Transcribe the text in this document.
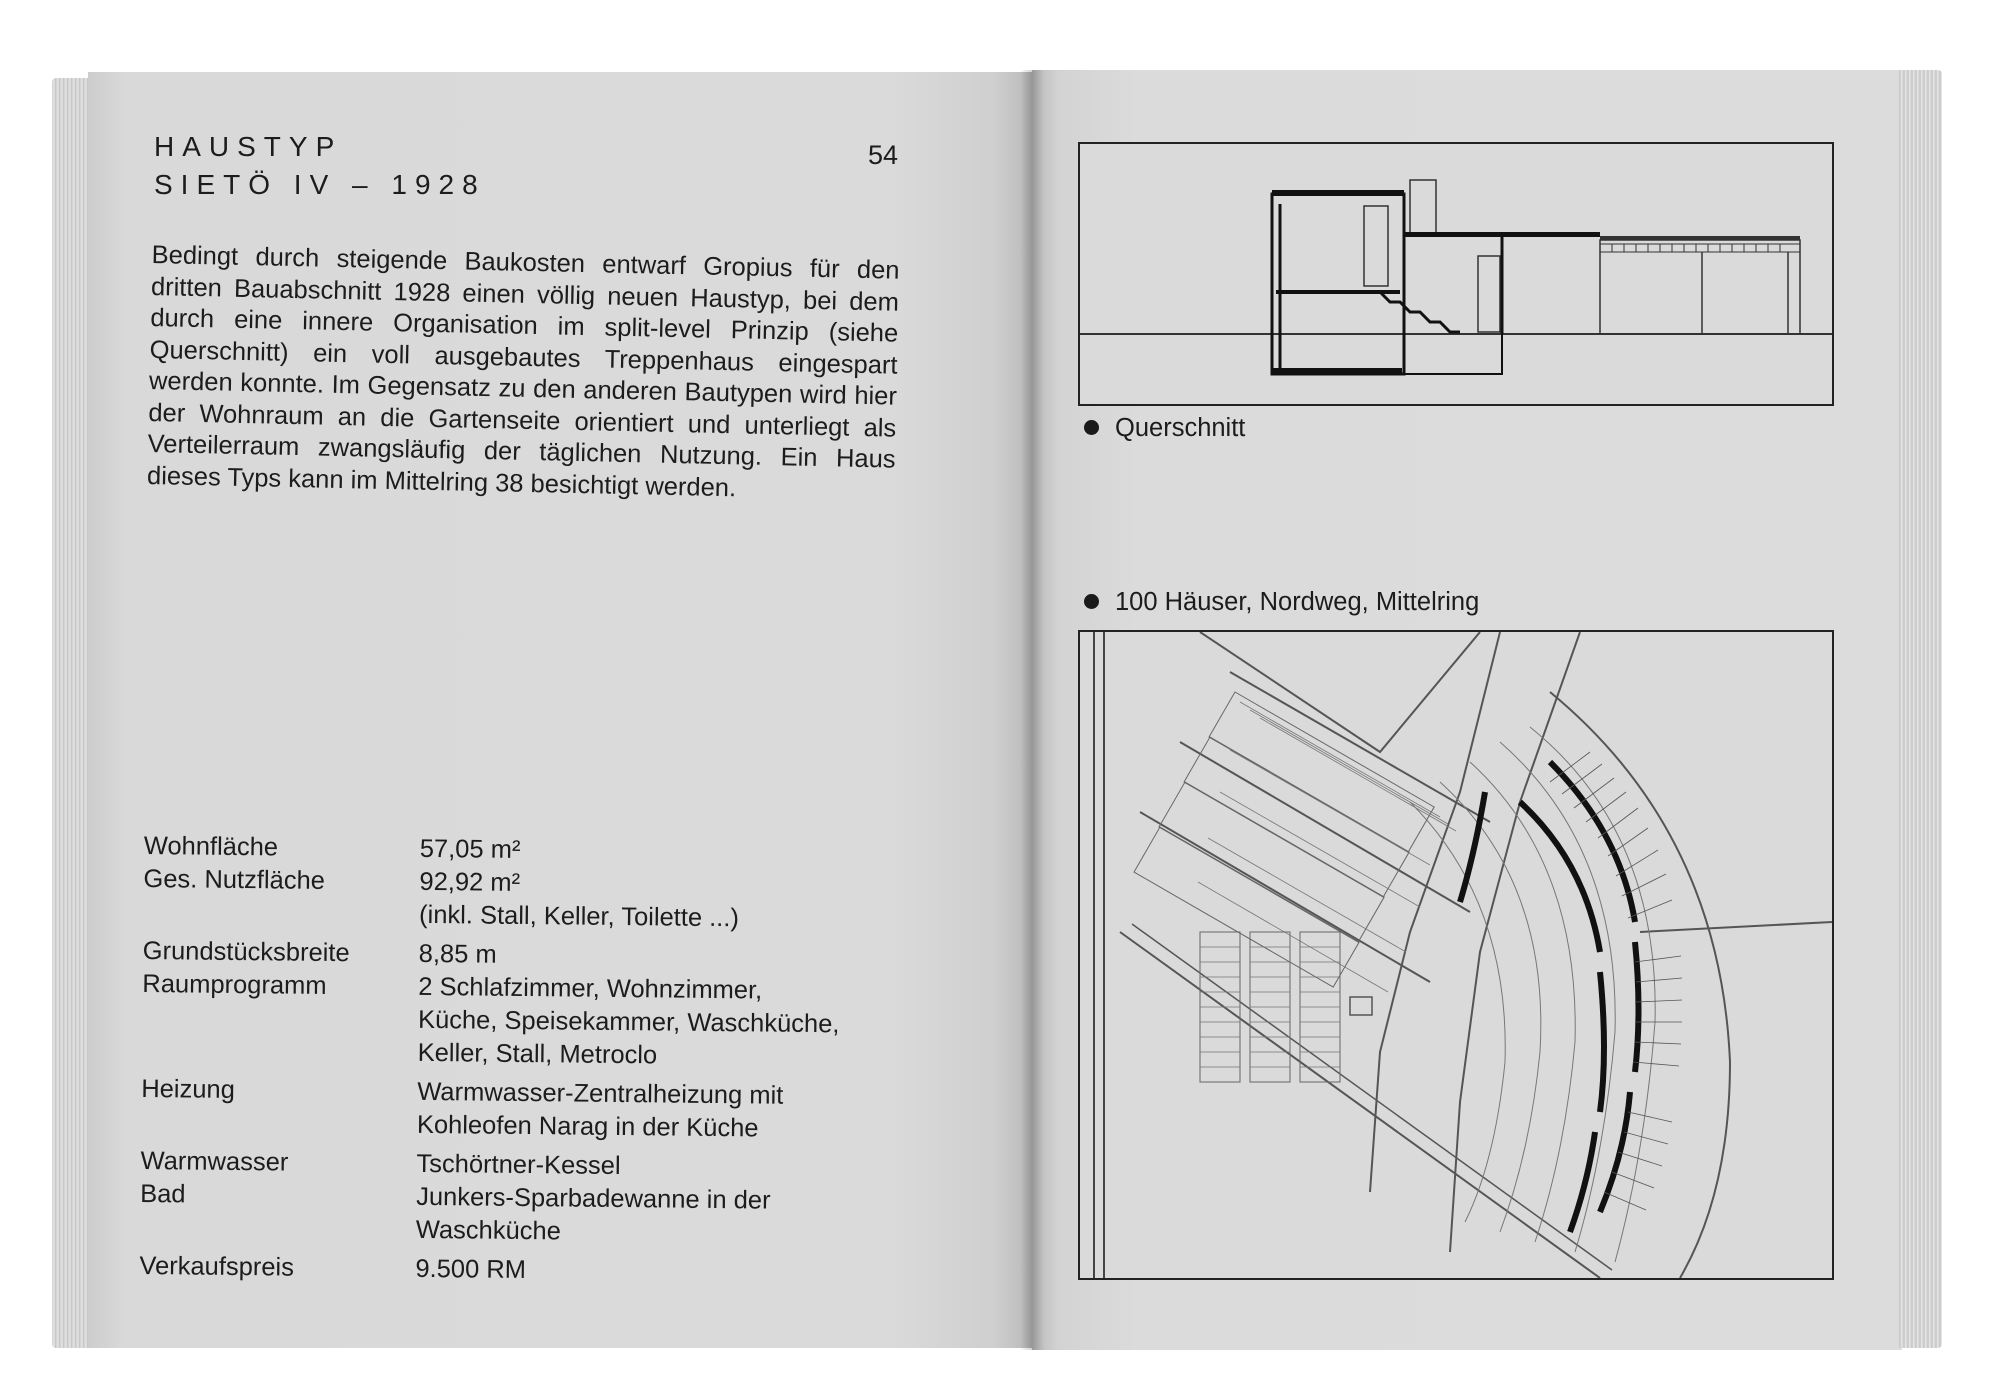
HAUSTYP
SIETÖ IV – 1928
54

Bedingt durch steigende Baukosten entwarf Gropius für den dritten Bauabschnitt 1928 einen völlig neuen Haustyp, bei dem durch eine innere Organisation im split-level Prinzip (siehe Querschnitt) ein voll ausgebautes Treppenhaus eingespart werden konnte. Im Gegensatz zu den anderen Bautypen wird hier der Wohnraum an die Gartenseite orientiert und unterliegt als Verteilerraum zwangsläufig der täglichen Nutzung. Ein Haus dieses Typs kann im Mittelring 38 besichtigt werden.

Wohnfläche	57,05 m²
Ges. Nutzfläche	92,92 m²
(inkl. Stall, Keller, Toilette ...)
Grundstücksbreite	8,85 m
Raumprogramm	2 Schlafzimmer, Wohnzimmer,
Küche, Speisekammer, Waschküche,
Keller, Stall, Metroclo
Heizung	Warmwasser-Zentralheizung mit
Kohleofen Narag in der Küche
Warmwasser	Tschörtner-Kessel
Bad	Junkers-Sparbadewanne in der
Waschküche
Verkaufspreis	9.500 RM
Querschnitt
100 Häuser, Nordweg, Mittelring
